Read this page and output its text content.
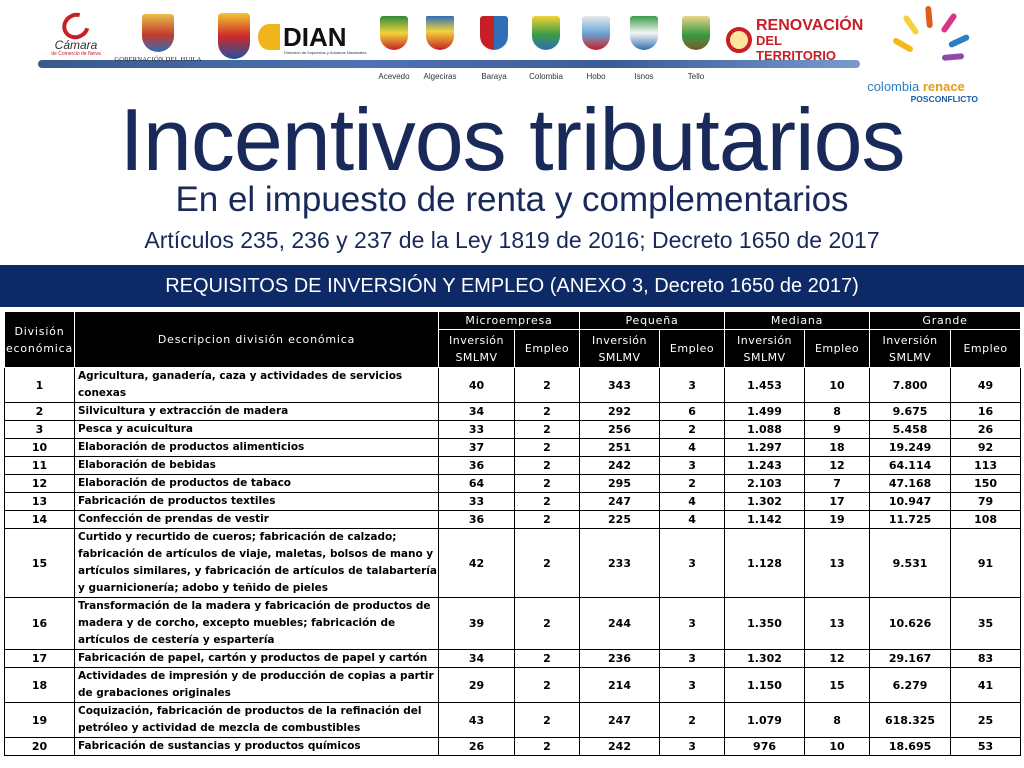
Cámara
de Comercio de Neiva
GOBERNACIÓN DEL HUILA
DIAN
Dirección de Impuestos y Aduanas Nacionales
Acevedo Algeciras	Baraya	Colombia	Hobo	Isnos	Tello
RENOVACIÓN
DEL TERRITORIO
colombia renace
POSCONFLICTO
Incentivos tributarios
En el impuesto de renta y complementarios
Artículos 235, 236 y 237 de la Ley 1819 de 2016; Decreto 1650 de 2017
REQUISITOS DE INVERSIÓN Y EMPLEO (ANEXO 3, Decreto 1650 de 2017)
División económica	Descripcion división económica	Microempresa		Pequeña		Mediana		Grande	
		Inversión SMLMV	Empleo	Inversión SMLMV	Empleo	Inversión SMLMV	Empleo	Inversión SMLMV	Empleo
1	Agricultura, ganadería, caza y actividades de servicios conexas	40	2	343	3	1.453	10	7.800	49
2	Silvicultura y extracción de madera	34	2	292	6	1.499	8	9.675	16
3	Pesca y acuicultura	33	2	256	2	1.088	9	5.458	26
10	Elaboración de productos alimenticios	37	2	251	4	1.297	18	19.249	92
11	Elaboración de bebidas	36	2	242	3	1.243	12	64.114	113
12	Elaboración de productos de tabaco	64	2	295	2	2.103	7	47.168	150
13	Fabricación de productos textiles	33	2	247	4	1.302	17	10.947	79
14	Confección de prendas de vestir	36	2	225	4	1.142	19	11.725	108
15	Curtido y recurtido de cueros; fabricación de calzado; fabricación de artículos de viaje, maletas, bolsos de mano y artículos similares, y fabricación de artículos de talabartería y guarnicionería; adobo y teñido de pieles	42	2	233	3	1.128	13	9.531	91
16	Transformación de la madera y fabricación de productos de madera y de corcho, excepto muebles; fabricación de artículos de cestería y espartería	39	2	244	3	1.350	13	10.626	35
17	Fabricación de papel, cartón y productos de papel y cartón	34	2	236	3	1.302	12	29.167	83
18	Actividades de impresión y de producción de copias a partir de grabaciones originales	29	2	214	3	1.150	15	6.279	41
19	Coquización, fabricación de productos de la refinación del petróleo y actividad de mezcla de combustibles	43	2	247	2	1.079	8	618.325	25
20	Fabricación de sustancias y productos químicos	26	2	242	3	976	10	18.695	53
